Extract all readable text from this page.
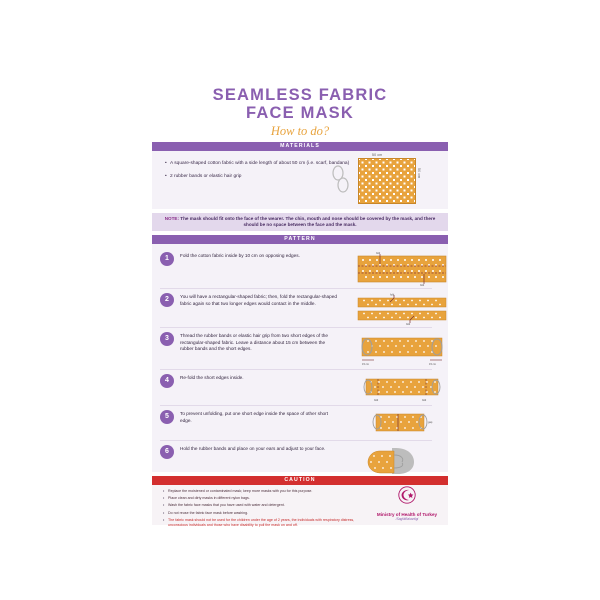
SEAMLESS FABRIC
FACE MASK
How to do?
MATERIALS
• A square-shaped cotton fabric with a side length of about 50 cm (i.e. scarf, bandana)
• 2 rubber bands or elastic hair grip
50 cm
50 cm
NOTE: The mask should fit onto the face of the wearer. The chin, mouth and nose should be covered by the mask, and there should be no space between the face and the mask.
PATTERN
1	Fold the cotton fabric inside by 10 cm on opposing edges.	fold
fold
2	You will have a rectangular-shaped fabric; then, fold the rectangular-shaped fabric again so that two longer edges would contact in the middle.
fold
fold
3	Thread the rubber bands or elastic hair grip from two short edges of the rectangular-shaped fabric. Leave a distance about 15 cm between the rubber bands and the short edges.
15 cm	15 cm
4	Re-fold the short edges inside.
fold	fold
5	To prevent unfolding, put one short edge inside the space of other short edge.	gap
6	Hold the rubber bands and place on your ears and adjust to your face.
CAUTION
• Replace the moistened or contaminated mask; keep more masks with you for this purpose.
• Place clean and dirty masks in different nylon bags.
• Wash the fabric face masks that you have used with water and detergent.
• Do not reuse the fabric face mask before washing.
• The fabric mask should not be used for the children under the age of 2 years, the individuals with respiratory distress, unconscious individuals and those who have disability to pull the mask on and off.
Ministry of Health of Turkey
/SaglikBakanligi
